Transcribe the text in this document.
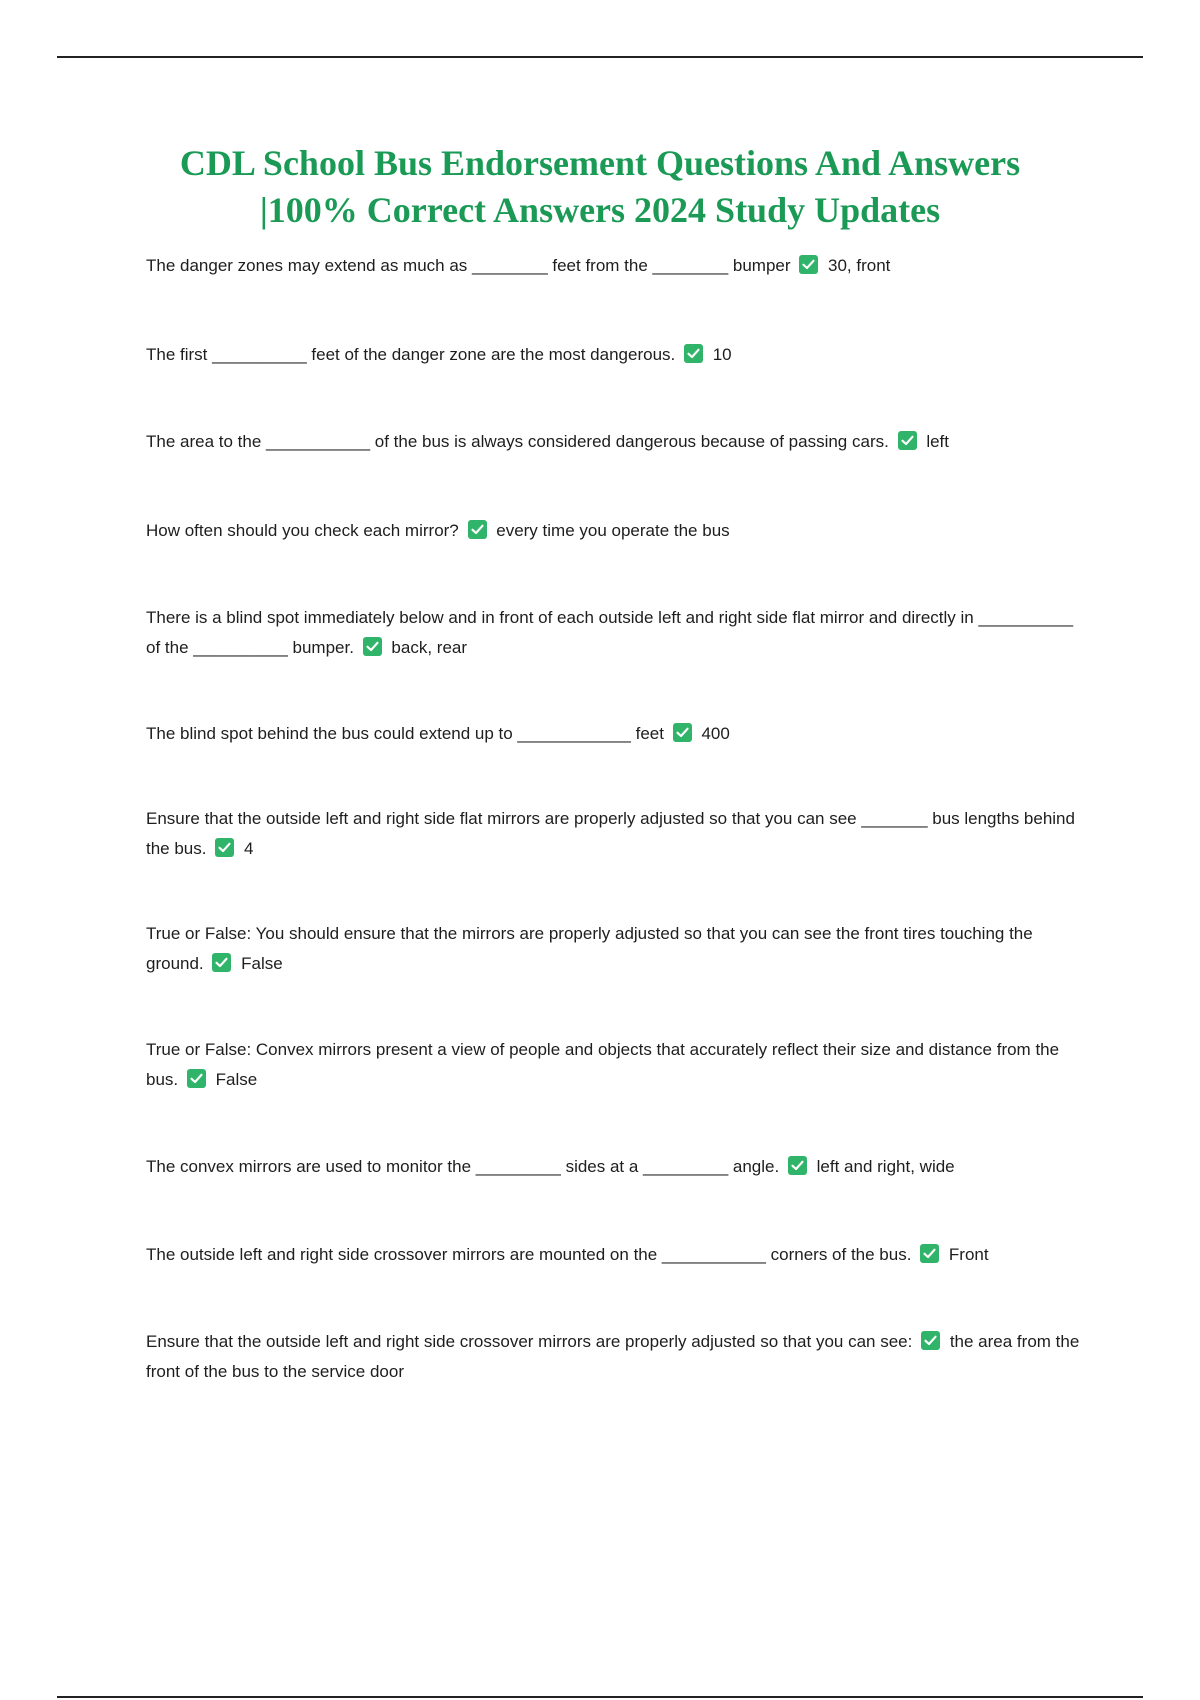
CDL School Bus Endorsement Questions And Answers
|100% Correct Answers 2024 Study Updates

The danger zones may extend as much as ________ feet from the ________ bumper 30, front

The first __________ feet of the danger zone are the most dangerous. 10

The area to the ___________ of the bus is always considered dangerous because of passing cars. left

How often should you check each mirror? every time you operate the bus

There is a blind spot immediately below and in front of each outside left and right side flat mirror and directly in __________ of the __________ bumper. back, rear

The blind spot behind the bus could extend up to ____________ feet 400

Ensure that the outside left and right side flat mirrors are properly adjusted so that you can see _______ bus lengths behind the bus. 4

True or False: You should ensure that the mirrors are properly adjusted so that you can see the front tires touching the ground. False

True or False: Convex mirrors present a view of people and objects that accurately reflect their size and distance from the bus. False

The convex mirrors are used to monitor the _________ sides at a _________ angle. left and right, wide

The outside left and right side crossover mirrors are mounted on the ___________ corners of the bus. Front

Ensure that the outside left and right side crossover mirrors are properly adjusted so that you can see: the area from the front of the bus to the service door
